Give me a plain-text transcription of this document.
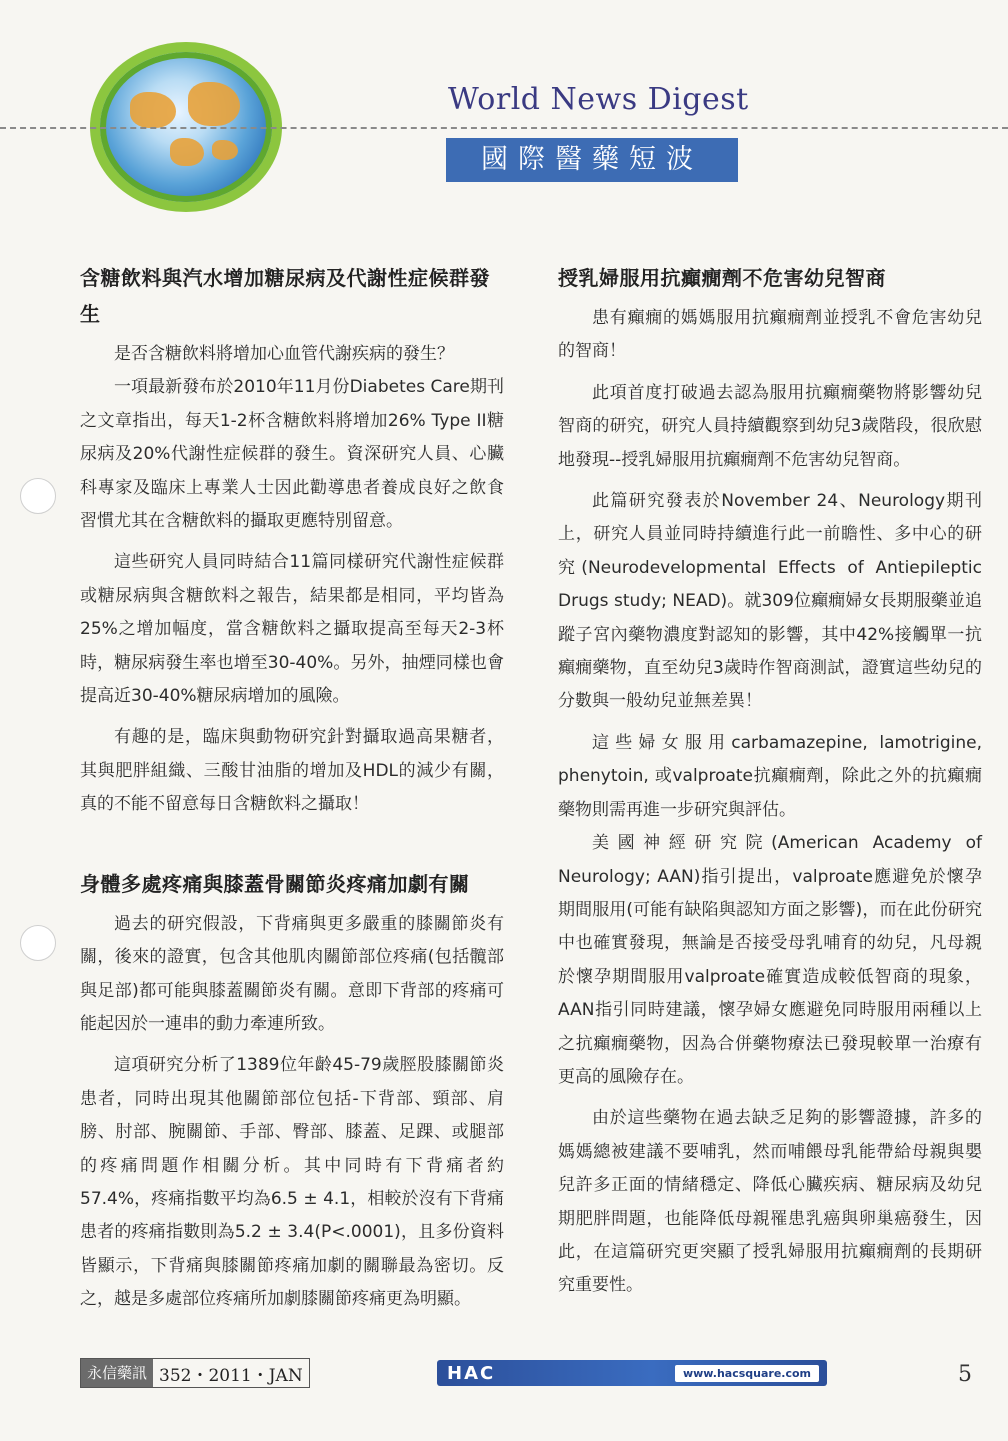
World News Digest
國際醫藥短波
含糖飲料與汽水增加糖尿病及代謝性症候群發生

是否含糖飲料將增加心血管代謝疾病的發生？

一項最新發布於2010年11月份Diabetes Care期刊之文章指出，每天1-2杯含糖飲料將增加26% Type II糖尿病及20%代謝性症候群的發生。資深研究人員、心臟科專家及臨床上專業人士因此勸導患者養成良好之飲食習慣尤其在含糖飲料的攝取更應特別留意。

這些研究人員同時結合11篇同樣研究代謝性症候群或糖尿病與含糖飲料之報告，結果都是相同，平均皆為25%之增加幅度，當含糖飲料之攝取提高至每天2-3杯時，糖尿病發生率也增至30-40%。另外，抽煙同樣也會提高近30-40%糖尿病增加的風險。

有趣的是，臨床與動物研究針對攝取過高果糖者，其與肥胖組織、三酸甘油脂的增加及HDL的減少有關，真的不能不留意每日含糖飲料之攝取！

身體多處疼痛與膝蓋骨關節炎疼痛加劇有關

過去的研究假設，下背痛與更多嚴重的膝關節炎有關，後來的證實，包含其他肌肉關節部位疼痛(包括髖部與足部)都可能與膝蓋關節炎有關。意即下背部的疼痛可能起因於一連串的動力牽連所致。

這項研究分析了1389位年齡45-79歲脛股膝關節炎患者，同時出現其他關節部位包括-下背部、頸部、肩膀、肘部、腕關節、手部、臀部、膝蓋、足踝、或腿部的疼痛問題作相關分析。其中同時有下背痛者約57.4%，疼痛指數平均為6.5 ± 4.1，相較於沒有下背痛患者的疼痛指數則為5.2 ± 3.4(P<.0001)，且多份資料皆顯示，下背痛與膝關節疼痛加劇的關聯最為密切。反之，越是多處部位疼痛所加劇膝關節疼痛更為明顯。

授乳婦服用抗癲癇劑不危害幼兒智商

患有癲癇的媽媽服用抗癲癇劑並授乳不會危害幼兒的智商！

此項首度打破過去認為服用抗癲癇藥物將影響幼兒智商的研究，研究人員持續觀察到幼兒3歲階段，很欣慰地發現--授乳婦服用抗癲癇劑不危害幼兒智商。

此篇研究發表於November 24、Neurology期刊上，研究人員並同時持續進行此一前瞻性、多中心的研究(Neurodevelopmental Effects of Antiepileptic Drugs study; NEAD)。就309位癲癇婦女長期服藥並追蹤子宮內藥物濃度對認知的影響，其中42%接觸單一抗癲癇藥物，直至幼兒3歲時作智商測試，證實這些幼兒的分數與一般幼兒並無差異！

這些婦女服用carbamazepine, lamotrigine, phenytoin, 或valproate抗癲癇劑，除此之外的抗癲癇藥物則需再進一步研究與評估。

美國神經研究院(American Academy of Neurology; AAN)指引提出，valproate應避免於懷孕期間服用(可能有缺陷與認知方面之影響)，而在此份研究中也確實發現，無論是否接受母乳哺育的幼兒，凡母親於懷孕期間服用valproate確實造成較低智商的現象，AAN指引同時建議，懷孕婦女應避免同時服用兩種以上之抗癲癇藥物，因為合併藥物療法已發現較單一治療有更高的風險存在。

由於這些藥物在過去缺乏足夠的影響證據，許多的媽媽總被建議不要哺乳，然而哺餵母乳能帶給母親與嬰兒許多正面的情緒穩定、降低心臟疾病、糖尿病及幼兒期肥胖問題，也能降低母親罹患乳癌與卵巢癌發生，因此，在這篇研究更突顯了授乳婦服用抗癲癇劑的長期研究重要性。

永信藥訊 352・2011・JAN	HAC	www.hacsquare.com	5
